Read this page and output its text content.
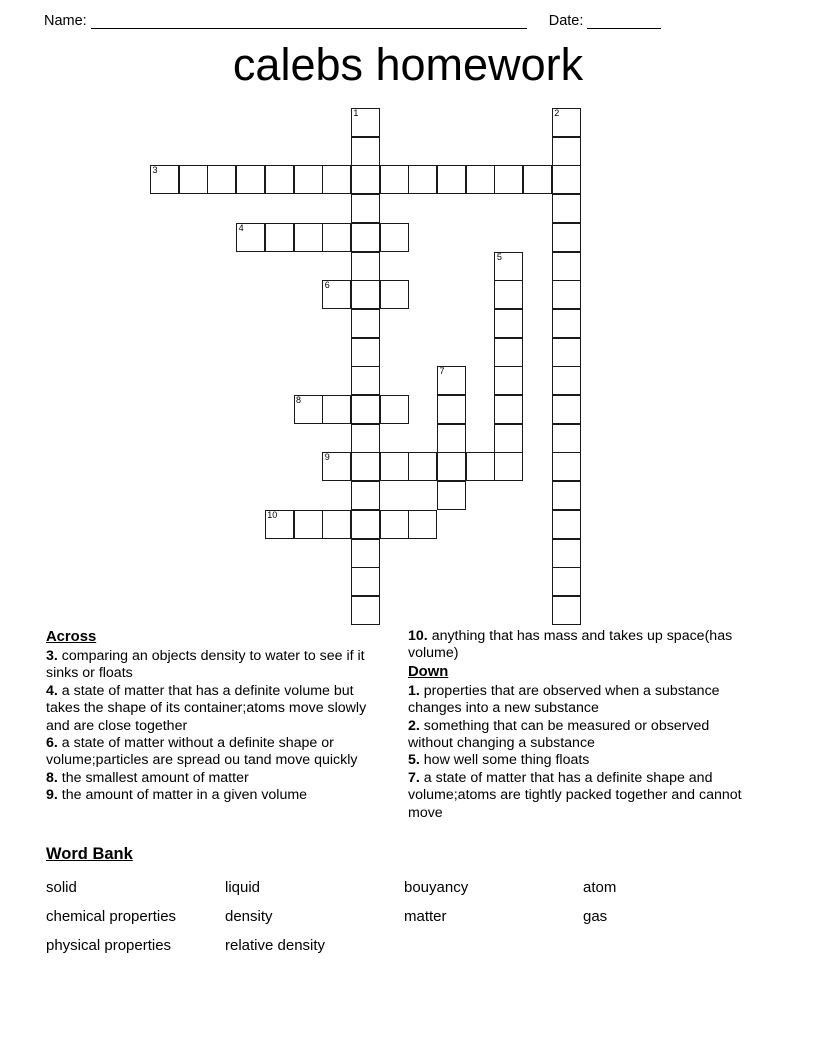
Name:	Date:
calebs homework
1	2
3
4
5
6
7
8
9
10
Across
3. comparing an objects density to water to see if it sinks or floats
4. a state of matter that has a definite volume but takes the shape of its container;atoms move slowly and are close together
6. a state of matter without a definite shape or volume;particles are spread ou tand move quickly
8. the smallest amount of matter
9. the amount of matter in a given volume
10. anything that has mass and takes up space(has volume)
Down
1. properties that are observed when a substance changes into a new substance
2. something that can be measured or observed without changing a substance
5. how well some thing floats
7. a state of matter that has a definite shape and volume;atoms are tightly packed together and cannot move
Word Bank
solid	liquid	bouyancy	atom
chemical properties	density	matter	gas
physical properties	relative density
